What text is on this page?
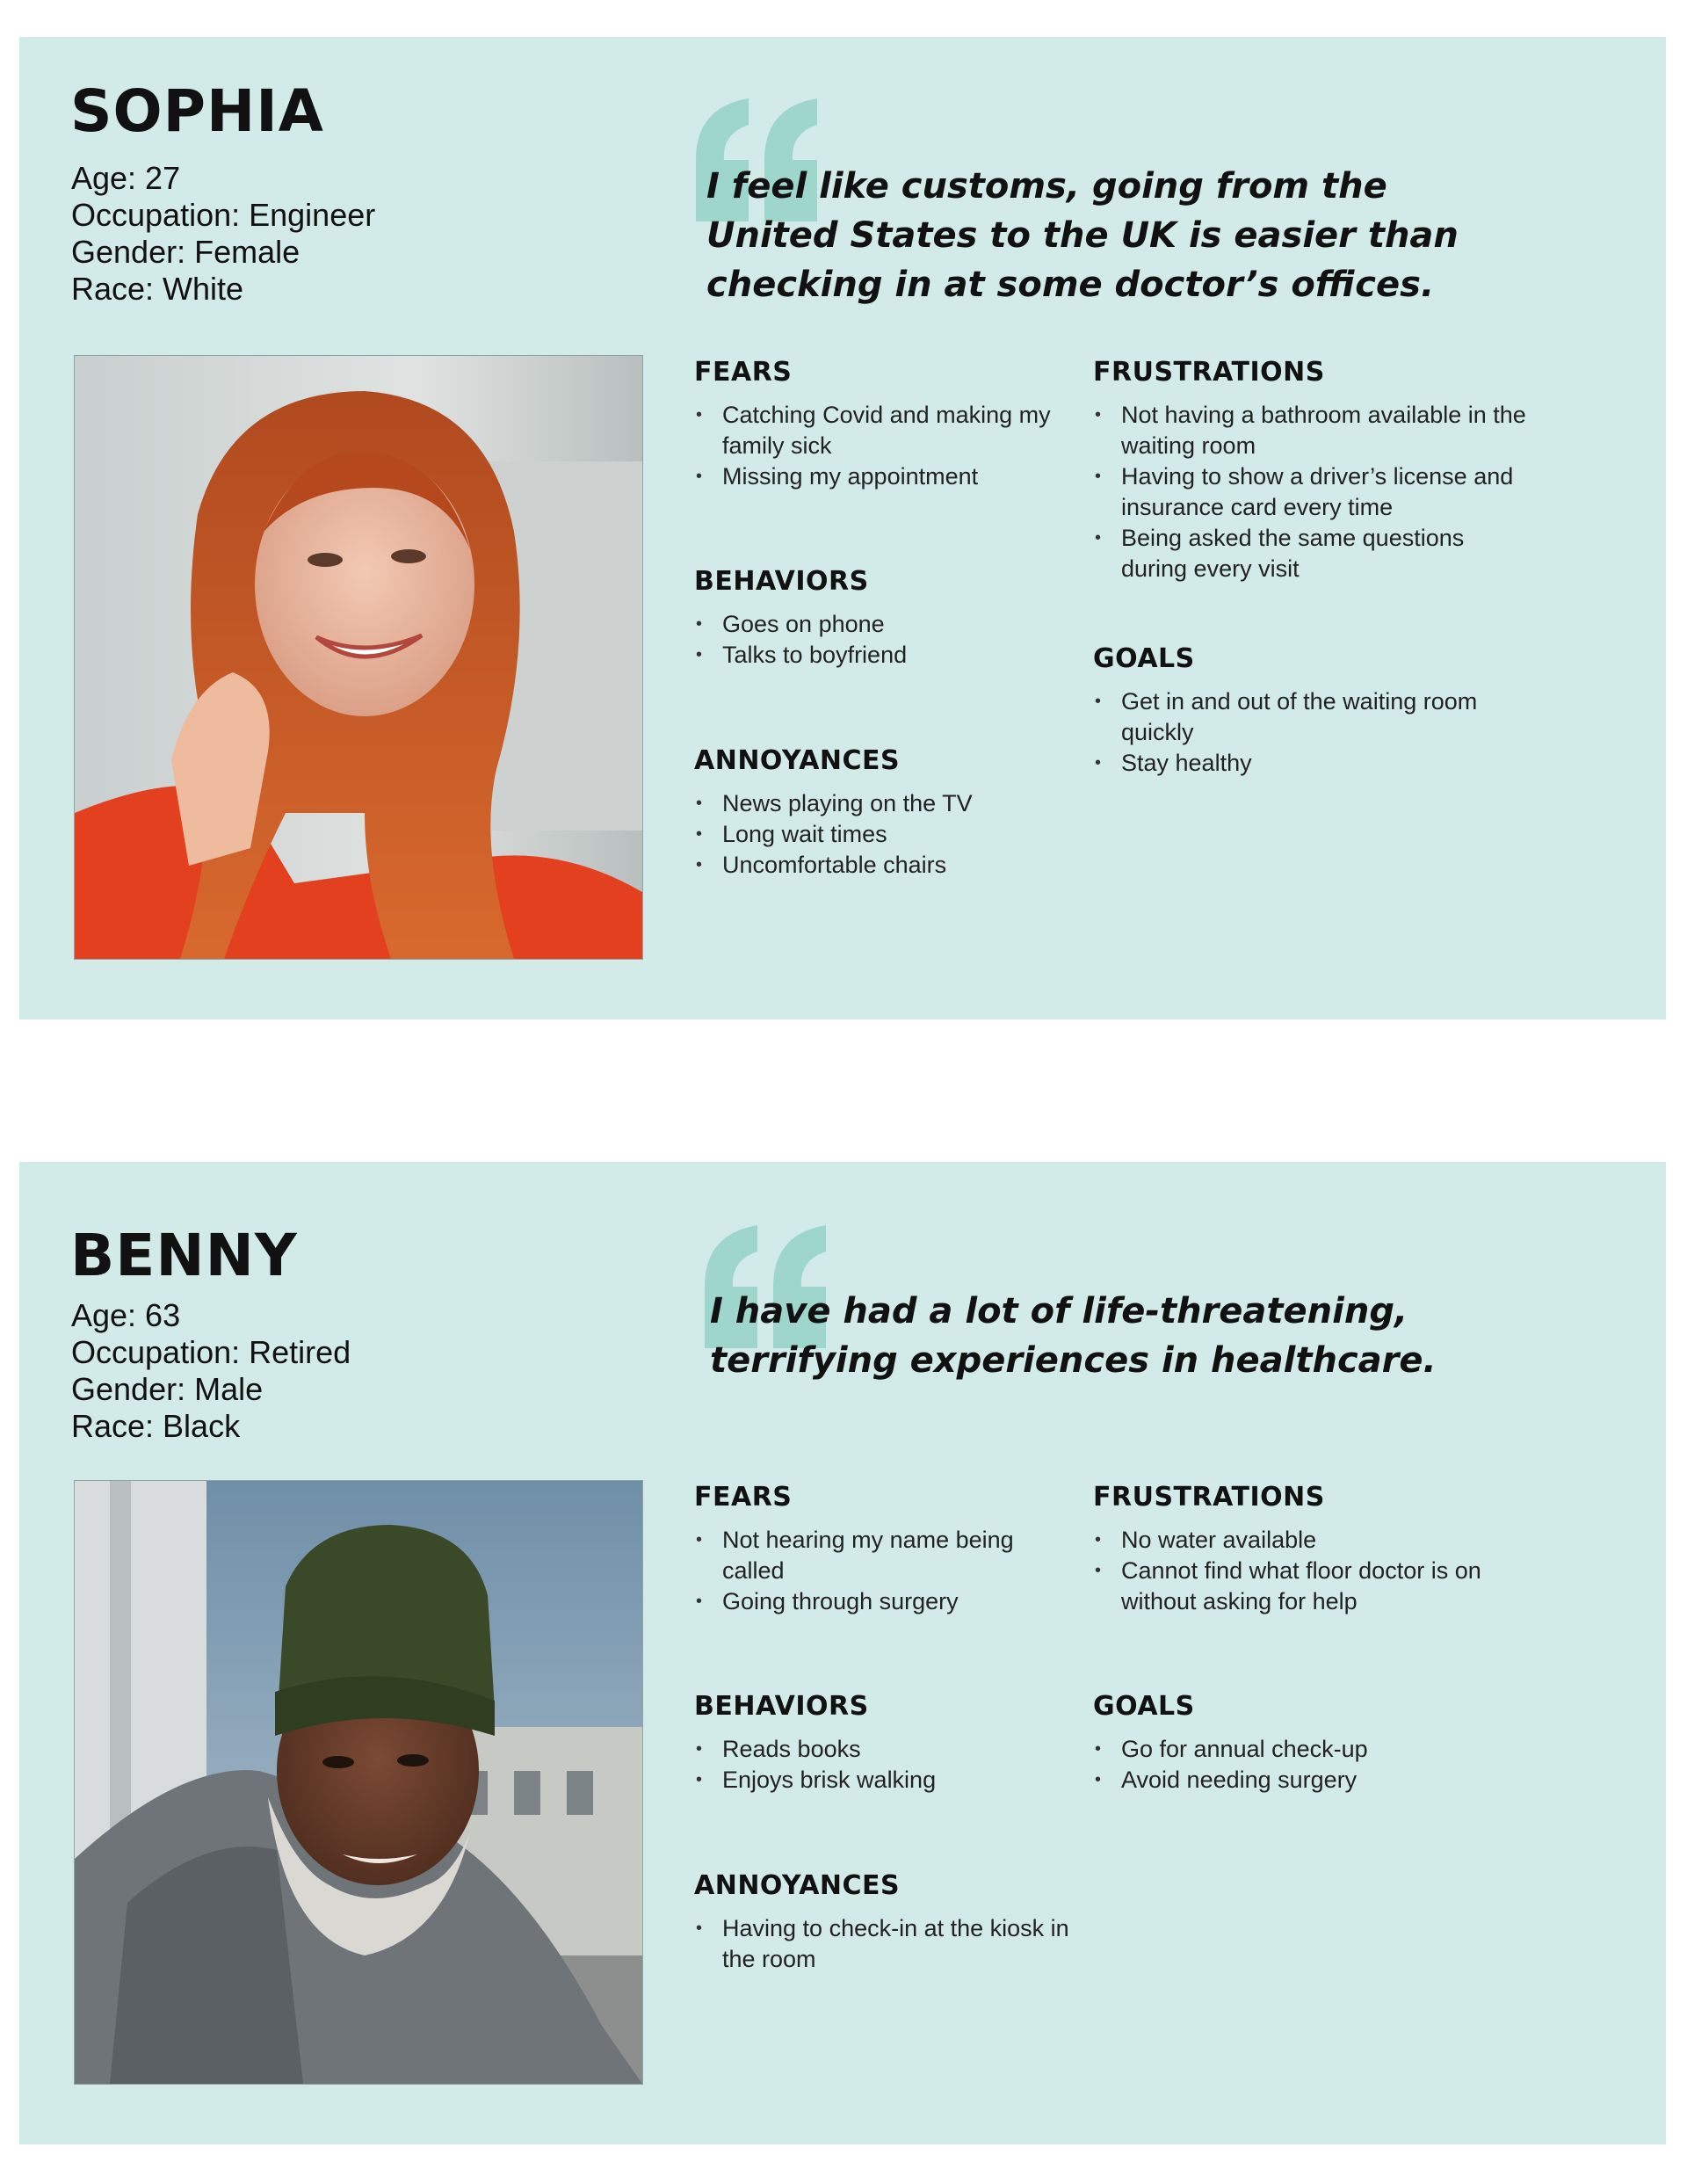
SOPHIA
Age: 27
Occupation: Engineer
Gender: Female
Race: White

I feel like customs, going from the United States to the UK is easier than checking in at some doctor’s offices.

FEARS
• Catching Covid and making my family sick
• Missing my appointment
BEHAVIORS
• Goes on phone
• Talks to boyfriend
ANNOYANCES
• News playing on the TV
• Long wait times
• Uncomfortable chairs
FRUSTRATIONS
• Not having a bathroom available in the waiting room
• Having to show a driver’s license and insurance card every time
• Being asked the same questions during every visit
GOALS
• Get in and out of the waiting room quickly
• Stay healthy
BENNY
Age: 63
Occupation: Retired
Gender: Male
Race: Black

I have had a lot of life-threatening, terrifying experiences in healthcare.

FEARS
• Not hearing my name being called
• Going through surgery
BEHAVIORS
• Reads books
• Enjoys brisk walking
ANNOYANCES
• Having to check-in at the kiosk in the room
FRUSTRATIONS
• No water available
• Cannot find what floor doctor is on without asking for help
GOALS
• Go for annual check-up
• Avoid needing surgery
